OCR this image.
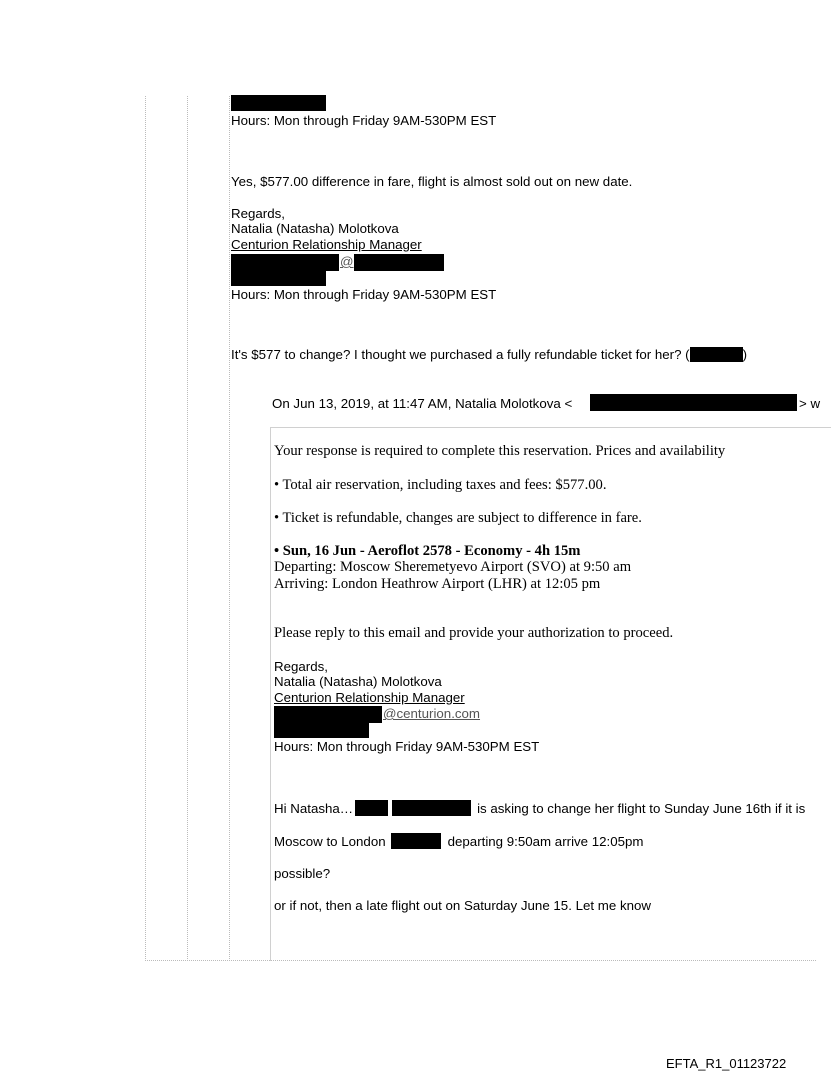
Hours: Mon through Friday 9AM-530PM EST
Yes, $577.00 difference in fare, flight is almost sold out on new date.
Regards,
Natalia (Natasha) Molotkova
Centurion Relationship Manager
@
Hours: Mon through Friday 9AM-530PM EST
It's $577 to change? I thought we purchased a fully refundable ticket for her? (	)
On Jun 13, 2019, at 11:47 AM, Natalia Molotkova <	> w
Your response is required to complete this reservation. Prices and availability
• Total air reservation, including taxes and fees: $577.00.
• Ticket is refundable, changes are subject to difference in fare.
• Sun, 16 Jun - Aeroflot 2578 - Economy - 4h 15m
Departing: Moscow Sheremetyevo Airport (SVO) at 9:50 am
Arriving: London Heathrow Airport (LHR) at 12:05 pm
Please reply to this email and provide your authorization to proceed.
Regards,
Natalia (Natasha) Molotkova
Centurion Relationship Manager
@centurion.com
Hours: Mon through Friday 9AM-530PM EST
Hi Natasha…	is asking to change her flight to Sunday June 16th if it is
Moscow to London	departing 9:50am arrive 12:05pm
possible?
or if not, then a late flight out on Saturday June 15. Let me know
EFTA_R1_01123722
